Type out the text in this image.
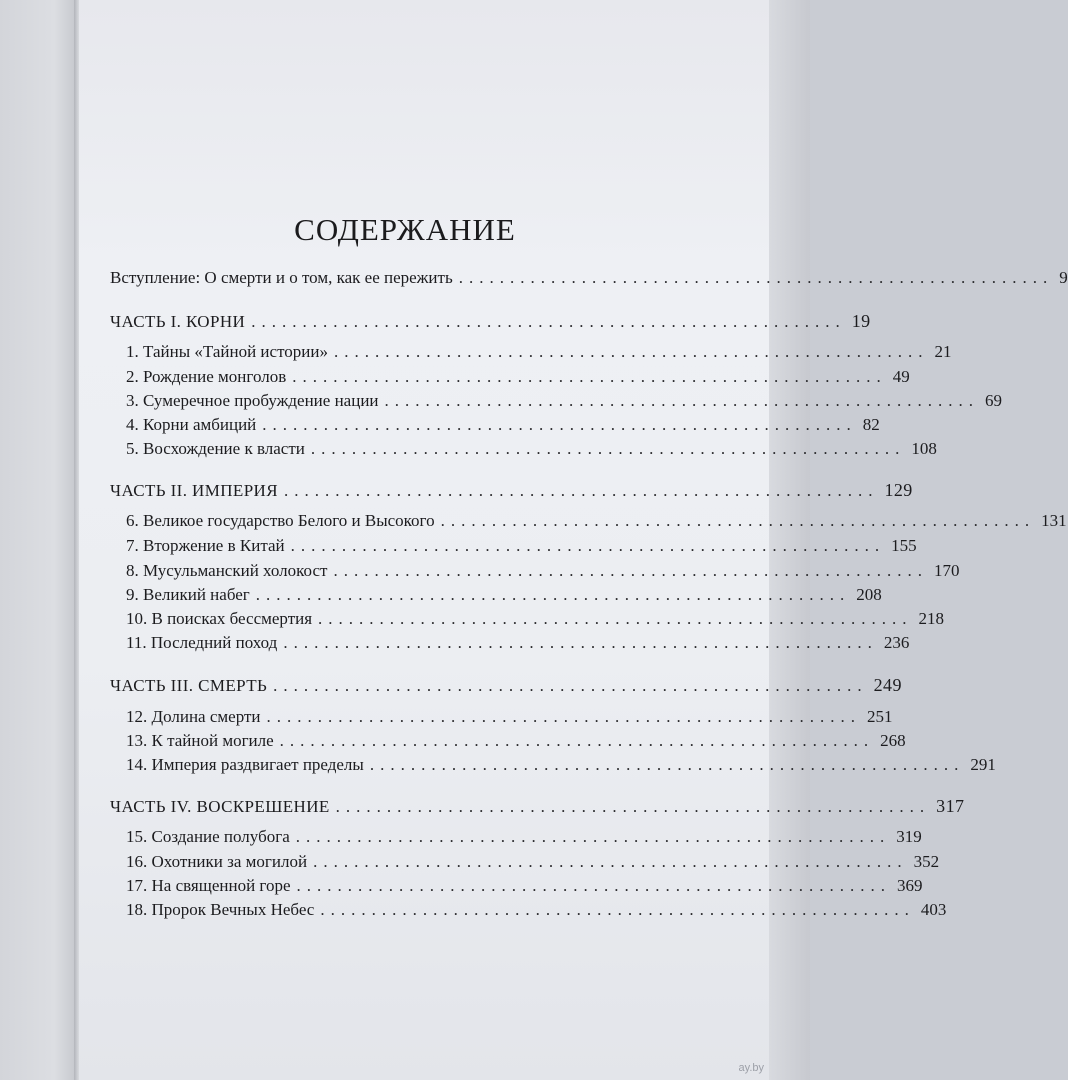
СОДЕРЖАНИЕ
Вступление: О смерти и о том, как ее пережить .......................................................... 9
ЧАСТЬ I. КОРНИ .......................................................... 19
1. Тайны «Тайной истории» .......................................................... 21
2. Рождение монголов .......................................................... 49
3. Сумеречное пробуждение нации .......................................................... 69
4. Корни амбиций .......................................................... 82
5. Восхождение к власти .......................................................... 108
ЧАСТЬ II. ИМПЕРИЯ .......................................................... 129
6. Великое государство Белого и Высокого .......................................................... 131
7. Вторжение в Китай .......................................................... 155
8. Мусульманский холокост .......................................................... 170
9. Великий набег .......................................................... 208
10. В поисках бессмертия .......................................................... 218
11. Последний поход .......................................................... 236
ЧАСТЬ III. СМЕРТЬ .......................................................... 249
12. Долина смерти .......................................................... 251
13. К тайной могиле .......................................................... 268
14. Империя раздвигает пределы .......................................................... 291
ЧАСТЬ IV. ВОСКРЕШЕНИЕ .......................................................... 317
15. Создание полубога .......................................................... 319
16. Охотники за могилой .......................................................... 352
17. На священной горе .......................................................... 369
18. Пророк Вечных Небес .......................................................... 403
ay.by
